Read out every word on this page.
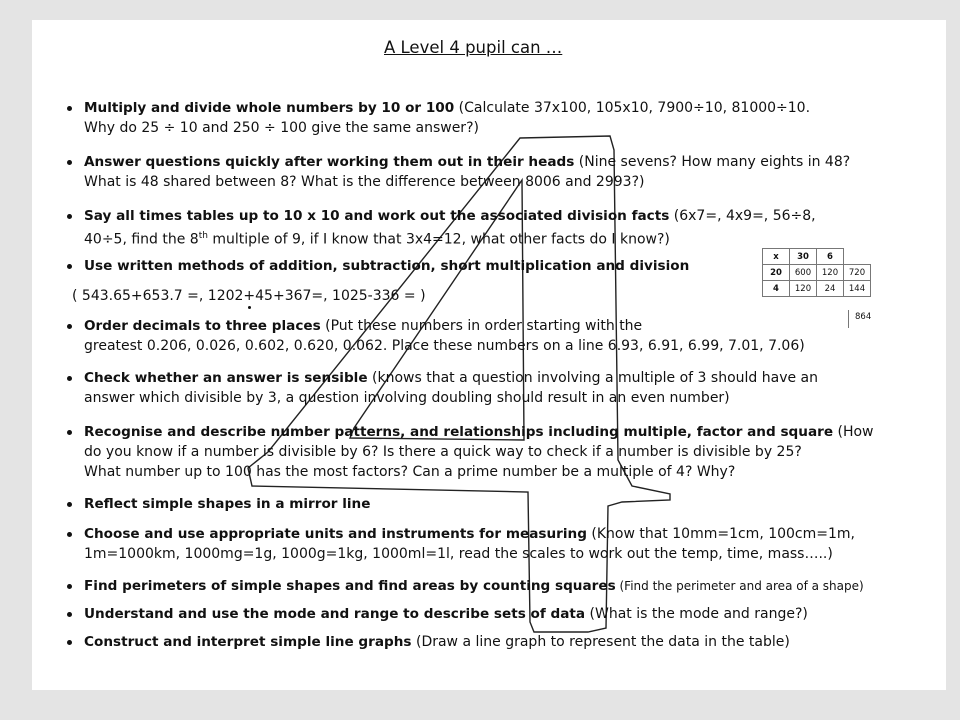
A Level 4 pupil can …
Multiply and divide whole numbers by 10 or 100 (Calculate 37x100, 105x10, 7900÷10, 81000÷10.
Why do 25 ÷ 10 and 250 ÷ 100 give the same answer?)
Answer questions quickly after working them out in their heads (Nine sevens? How many eights in 48?
What is 48 shared between 8? What is the difference between 8006 and 2993?)
Say all times tables up to 10 x 10 and work out the associated division facts (6x7=, 4x9=, 56÷8,
40÷5, find the 8th multiple of 9, if I know that 3x4=12, what other facts do I know?)
Use written methods of addition, subtraction, short multiplication and division
( 543.65+653.7 =, 1202+45+367=, 1025-336 = )
Order decimals to three places (Put these numbers in order starting with the
greatest 0.206, 0.026, 0.602, 0.620, 0.062. Place these numbers on a line 6.93, 6.91, 6.99, 7.01, 7.06)
Check whether an answer is sensible (knows that a question involving a multiple of 3 should have an
answer which divisible by 3, a question involving doubling should result in an even number)
Recognise and describe number patterns, and relationships including multiple, factor and square (How
do you know if a number is divisible by 6? Is there a quick way to check if a number is divisible by 25?
What number up to 100 has the most factors? Can a prime number be a multiple of 4? Why?
Reflect simple shapes in a mirror line
Choose and use appropriate units and instruments for measuring (Know that 10mm=1cm, 100cm=1m,
1m=1000km, 1000mg=1g, 1000g=1kg, 1000ml=1l, read the scales to work out the temp, time, mass…..)
Find perimeters of simple shapes and find areas by counting squares (Find the perimeter and area of a shape)
Understand and use the mode and range to describe sets of data (What is the mode and range?)
Construct and interpret simple line graphs (Draw a line graph to represent the data in the table)
x	30	6	
20	600	120	720
4	120	24	144
864
